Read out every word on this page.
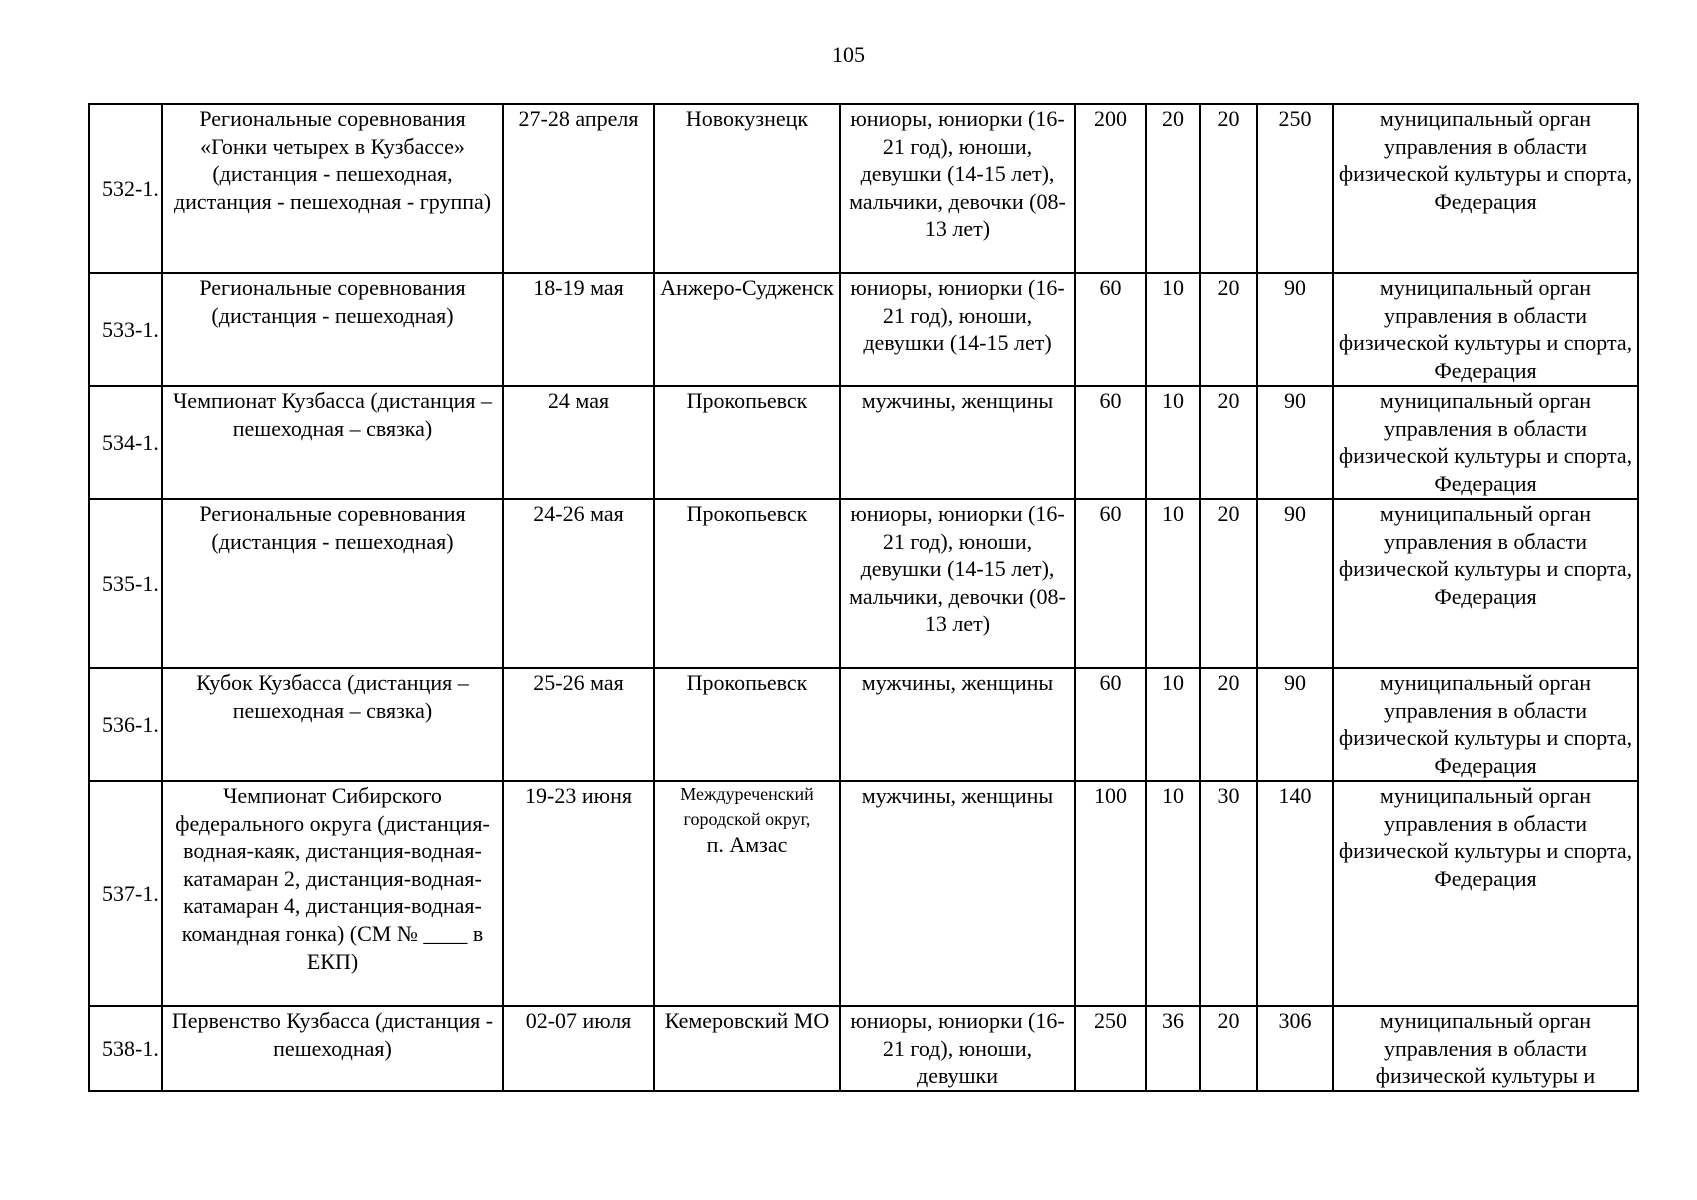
105
532-1.	Региональные соревнования «Гонки четырех в Кузбассе» (дистанция - пешеходная, дистанция - пешеходная - группа)	27-28 апреля	Новокузнецк	юниоры, юниорки (16-21 год), юноши, девушки (14-15 лет), мальчики, девочки (08-13 лет)	200	20	20	250	муниципальный орган управления в области физической культуры и спорта, Федерация
533-1.	Региональные соревнования (дистанция - пешеходная)	18-19 мая	Анжеро-Судженск	юниоры, юниорки (16-21 год), юноши, девушки (14-15 лет)	60	10	20	90	муниципальный орган управления в области физической культуры и спорта, Федерация
534-1.	Чемпионат Кузбасса (дистанция – пешеходная – связка)	24 мая	Прокопьевск	мужчины, женщины	60	10	20	90	муниципальный орган управления в области физической культуры и спорта, Федерация
535-1.	Региональные соревнования (дистанция - пешеходная)	24-26 мая	Прокопьевск	юниоры, юниорки (16-21 год), юноши, девушки (14-15 лет), мальчики, девочки (08-13 лет)	60	10	20	90	муниципальный орган управления в области физической культуры и спорта, Федерация
536-1.	Кубок Кузбасса (дистанция – пешеходная – связка)	25-26 мая	Прокопьевск	мужчины, женщины	60	10	20	90	муниципальный орган управления в области физической культуры и спорта, Федерация
537-1.	Чемпионат Сибирского федерального округа (дистанция-водная-каяк, дистанция-водная-катамаран 2, дистанция-водная-катамаран 4, дистанция-водная-командная гонка) (СМ № ____ в ЕКП)	19-23 июня	Междуреченский
городской округ,
п. Амзас	мужчины, женщины	100	10	30	140	муниципальный орган управления в области физической культуры и спорта, Федерация
538-1.	Первенство Кузбасса (дистанция - пешеходная)	02-07 июля	Кемеровский МО	юниоры, юниорки (16-21 год), юноши, девушки	250	36	20	306	муниципальный орган управления в области физической культуры и
